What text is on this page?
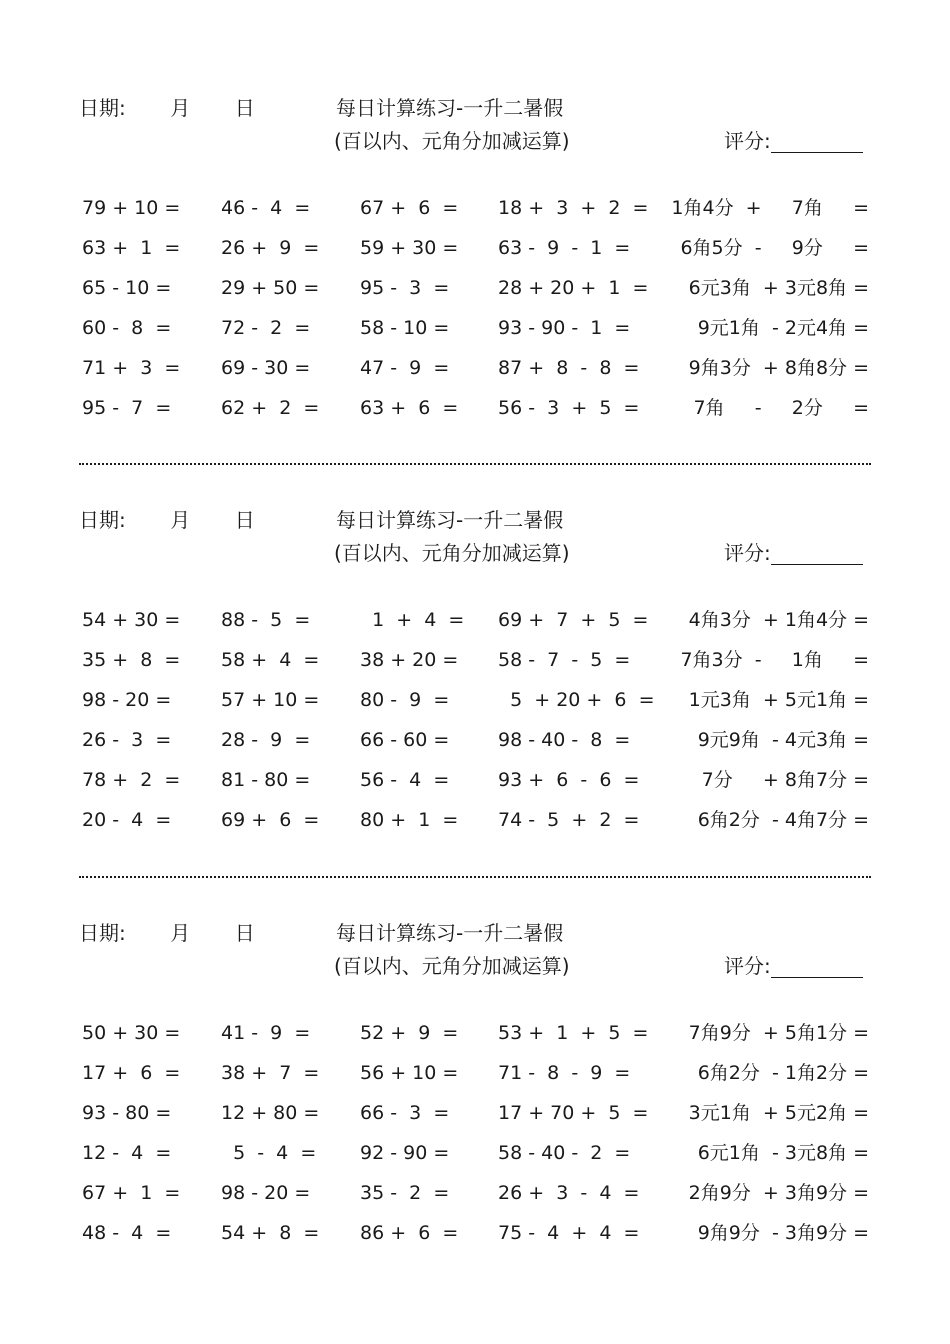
日期:       月       日	每日计算练习-一升二暑假
(百以内、元角分加减运算)	评分:
79 + 10 = 46 -  4  =	67 +  6  = 18 +  3  +  2  = 1角4分  +     7角     =
63 +  1  = 26 +  9  = 59 + 30 = 63 -  9  -  1  =	6角5分  -     9分     =
65 - 10 =	29 + 50 = 95 -  3  =	28 + 20 +  1  = 6元3角  + 3元8角 =
60 -  8  =	72 -  2  =	58 - 10 =	93 - 90 -  1  =	9元1角  - 2元4角 =
71 +  3  = 69 - 30 =	47 -  9  =	87 +  8  -  8  =	9角3分  + 8角8分 =
95 -  7  =	62 +  2  = 63 +  6  = 56 -  3  +  5  =	7角     -     2分     =
日期:       月       日	每日计算练习-一升二暑假
(百以内、元角分加减运算)	评分:
54 + 30 = 88 -  5  =	1  +  4  = 69 +  7  +  5  = 4角3分  + 1角4分 =
35 +  8  = 58 +  4  = 38 + 20 = 58 -  7  -  5  =	7角3分  -     1角     =
98 - 20 =	57 + 10 = 80 -  9  =	5  + 20 +  6  = 1元3角  + 5元1角 =
26 -  3  =	28 -  9  =	66 - 60 =	98 - 40 -  8  =	9元9角  - 4元3角 =
78 +  2  = 81 - 80 =	56 -  4  =	93 +  6  -  6  =	7分     + 8角7分 =
20 -  4  =	69 +  6  = 80 +  1  = 74 -  5  +  2  =	6角2分  - 4角7分 =
日期:       月       日	每日计算练习-一升二暑假
(百以内、元角分加减运算)	评分:
50 + 30 = 41 -  9  =	52 +  9  = 53 +  1  +  5  = 7角9分  + 5角1分 =
17 +  6  = 38 +  7  = 56 + 10 = 71 -  8  -  9  =	6角2分  - 1角2分 =
93 - 80 =	12 + 80 = 66 -  3  =	17 + 70 +  5  = 3元1角  + 5元2角 =
12 -  4  =	5  -  4  = 92 - 90 =	58 - 40 -  2  =	6元1角  - 3元8角 =
67 +  1  = 98 - 20 =	35 -  2  =	26 +  3  -  4  =	2角9分  + 3角9分 =
48 -  4  =	54 +  8  = 86 +  6  = 75 -  4  +  4  =	9角9分  - 3角9分 =
